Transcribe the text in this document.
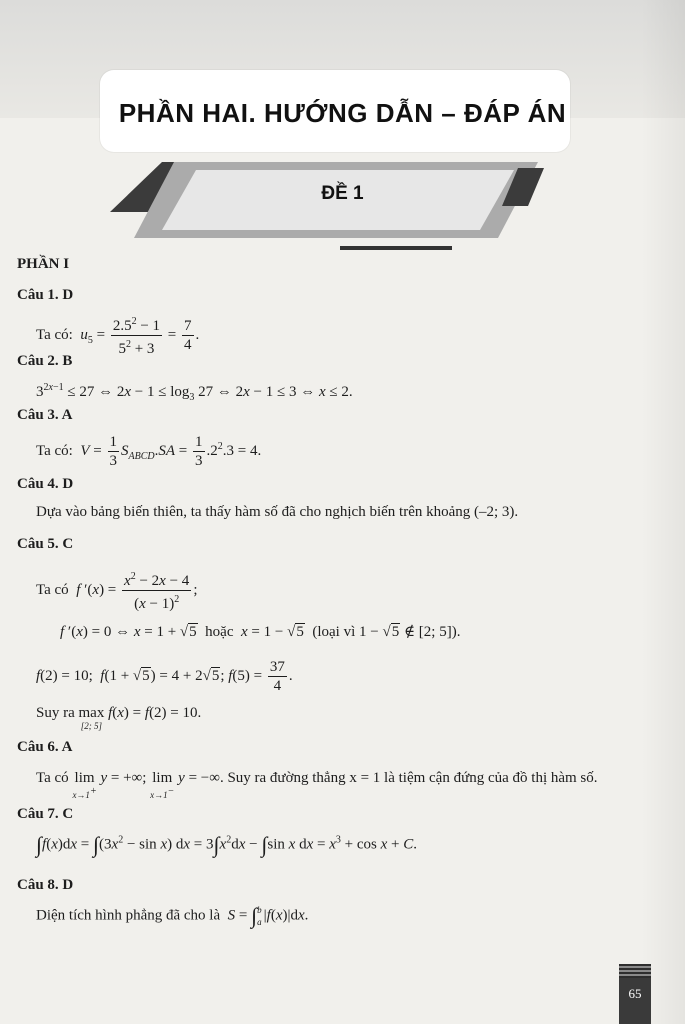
PHẦN HAI. HƯỚNG DẪN – ĐÁP ÁN
ĐỀ 1
PHẦN I
Câu 1. D
Ta có:  $u_5 = \frac{2.5^2 - 1}{5^2 + 3} = \frac{7}{4}$ .
Câu 2. B
$3^{2x-1} \le 27$ ⇔ $2x - 1 \le \log_3 27$ ⇔ 2x − 1 ≤ 3 ⇔ x ≤ 2.
Câu 3. A
Ta có:  $V = \frac{1}{3} S_{ABCD}.SA = \frac{1}{3} .2^2.3 = 4$.
Câu 4. D
Dựa vào bảng biến thiên, ta thấy hàm số đã cho nghịch biến trên khoảng (–2; 3).
Câu 5. C
Ta có  f $'(x) = \frac{x^2 - 2x - 4}{(x - 1)^2}$ ;
f ′(x) = 0 ⇔ x = 1 + √5 hoặc x = 1 − √5 (loại vì 1 − √5 ∉ [2; 5]).
f(2) = 10;  f(1 + √5) = 4 + 2√5; $f(5) = \frac{37}{4}$ .
Suy ra max
[2; 5]
f(x) = f(2) = 10.
Câu 6. A
Ta có lim
x→1+
y = +∞; lim
x→1−
y = −∞. Suy ra đường thẳng x = 1 là tiệm cận đứng của đồ thị hàm số.
Câu 7. C
$\int f(x)dx = \int(3x^2 - \sin x)$ dx = $3\int x^2dx - \int\sin$ x dx = $x^3 + \cos x + C$.
Câu 8. D
Diện tích hình phẳng đã cho là  S = ∫b
a |f(x)|dx.
65
